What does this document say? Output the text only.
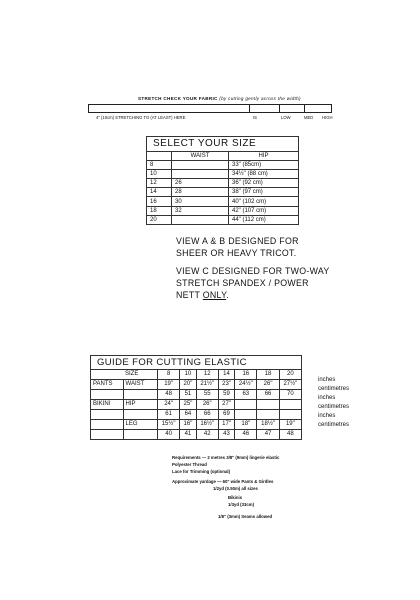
STRETCH CHECK YOUR FABRIC (by cutting gently across the width)
4" (10cm) STRETCHING TO (AT LEAST) HERE	IS	LOW	MED HIGH
SELECT YOUR SIZE		
	WAIST	HIP
8		33" (85cm)
10		34½" (88 cm)
12	26	36" (92 cm)
14	28	38" (97 cm)
16	30	40" (102 cm)
18	32	42" (107 cm)
20		44" (112 cm)
VIEW A & B DESIGNED FOR
SHEER OR HEAVY TRICOT.
VIEW C DESIGNED FOR TWO-WAY
STRETCH SPANDEX / POWER
NETT ONLY.
GUIDE FOR CUTTING ELASTIC								
	SIZE	8	10	12	14	16	18	20
PANTS	WAIST	19"	20"	21½"	23"	24½"	26"	27½"
		48	51	55	59	63	66	70
BIKINI	HIP	24"	25"	26"	27"			
		61	64	66	69			
	LEG	15½"	16"	16½"	17"	18"	18½"	19"
		40	41	42	43	46	47	48
inches
centimetres
inches
centimetres
inches
centimetres
Requirements — 2 metres 3/8" (9mm) lingerie elastic
Polyester Thread
Lace for Trimming (optional)
Approximate yardage — 60" wide Pants & Girdles
1/2yd (0.50m) all sizes
Bikinis
1/3yd (33cm)
1/8" (3mm) Seams allowed
